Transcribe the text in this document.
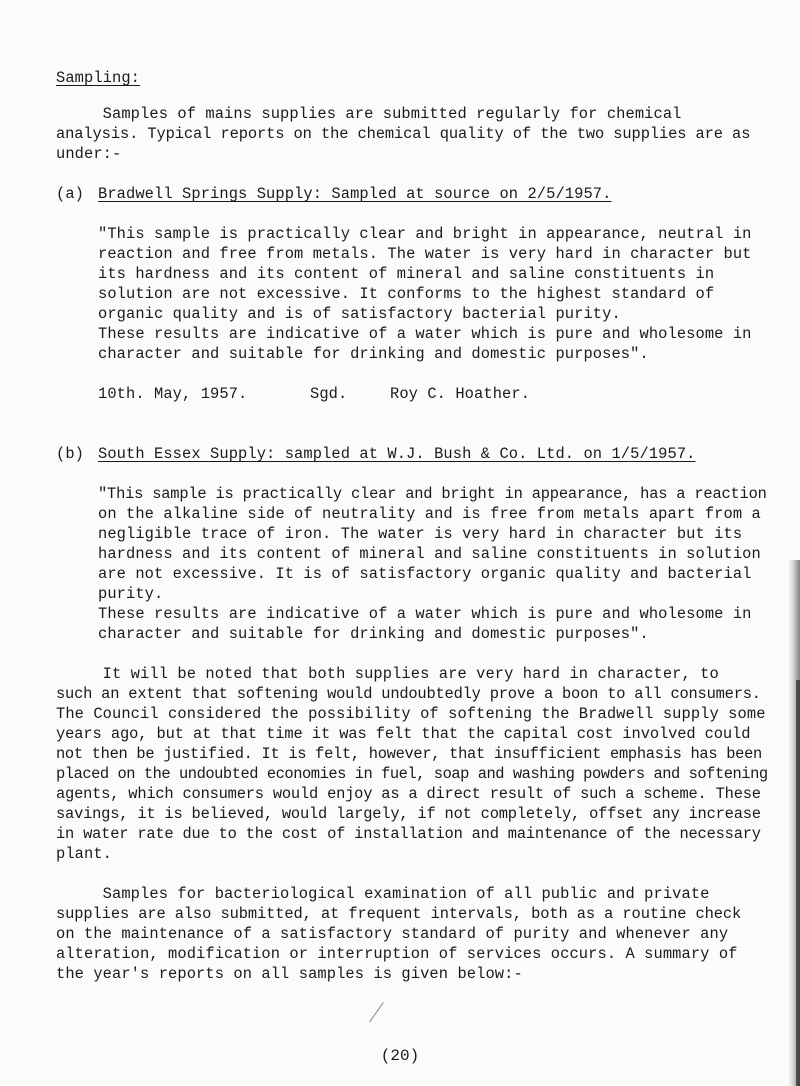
Sampling:
Samples of mains supplies are submitted regularly for chemical
analysis. Typical reports on the chemical quality of the two supplies are as
under:-
(a) Bradwell Springs Supply: Sampled at source on 2/5/1957.
"This sample is practically clear and bright in appearance, neutral in
reaction and free from metals. The water is very hard in character but
its hardness and its content of mineral and saline constituents in
solution are not excessive. It conforms to the highest standard of
organic quality and is of satisfactory bacterial purity.
These results are indicative of a water which is pure and wholesome in
character and suitable for drinking and domestic purposes".
10th. May, 1957.	Sgd.	Roy C. Hoather.
(b) South Essex Supply: sampled at W.J. Bush & Co. Ltd. on 1/5/1957.
"This sample is practically clear and bright in appearance, has a reaction
on the alkaline side of neutrality and is free from metals apart from a
negligible trace of iron. The water is very hard in character but its
hardness and its content of mineral and saline constituents in solution
are not excessive. It is of satisfactory organic quality and bacterial
purity.
These results are indicative of a water which is pure and wholesome in
character and suitable for drinking and domestic purposes".
It will be noted that both supplies are very hard in character, to
such an extent that softening would undoubtedly prove a boon to all consumers.
The Council considered the possibility of softening the Bradwell supply some
years ago, but at that time it was felt that the capital cost involved could
not then be justified. It is felt, however, that insufficient emphasis has been
placed on the undoubted economies in fuel, soap and washing powders and softening
agents, which consumers would enjoy as a direct result of such a scheme. These
savings, it is believed, would largely, if not completely, offset any increase
in water rate due to the cost of installation and maintenance of the necessary
plant.
Samples for bacteriological examination of all public and private
supplies are also submitted, at frequent intervals, both as a routine check
on the maintenance of a satisfactory standard of purity and whenever any
alteration, modification or interruption of services occurs. A summary of
the year's reports on all samples is given below:-
(20)
